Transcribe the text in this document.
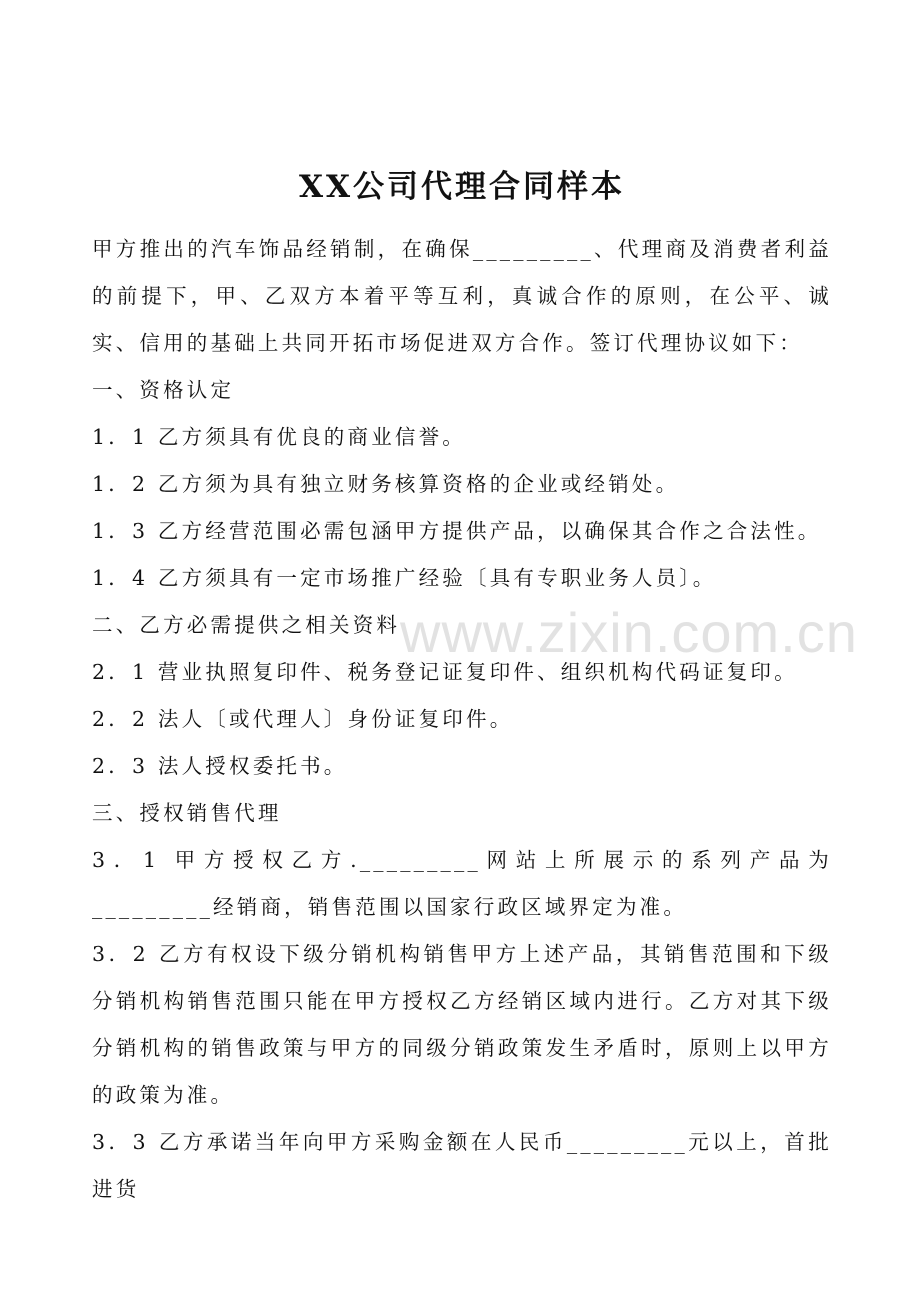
www.zixin.com.cn
XX公司代理合同样本

甲方推出的汽车饰品经销制，在确保_________、代理商及消费者利益的前提下，甲、乙双方本着平等互利，真诚合作的原则，在公平、诚实、信用的基础上共同开拓市场促进双方合作。签订代理协议如下：

一、资格认定

1．1 乙方须具有优良的商业信誉。

1．2 乙方须为具有独立财务核算资格的企业或经销处。

1．3 乙方经营范围必需包涵甲方提供产品，以确保其合作之合法性。

1．4 乙方须具有一定市场推广经验〔具有专职业务人员〕。

二、乙方必需提供之相关资料

2．1 营业执照复印件、税务登记证复印件、组织机构代码证复印。

2．2 法人〔或代理人〕身份证复印件。

2．3 法人授权委托书。

三、授权销售代理

3．1 甲方授权乙方._________网站上所展示的系列产品为_________经销商，销售范围以国家行政区域界定为准。

3．2 乙方有权设下级分销机构销售甲方上述产品，其销售范围和下级分销机构销售范围只能在甲方授权乙方经销区域内进行。乙方对其下级分销机构的销售政策与甲方的同级分销政策发生矛盾时，原则上以甲方的政策为准。

3．3 乙方承诺当年向甲方采购金额在人民币_________元以上，首批进货
